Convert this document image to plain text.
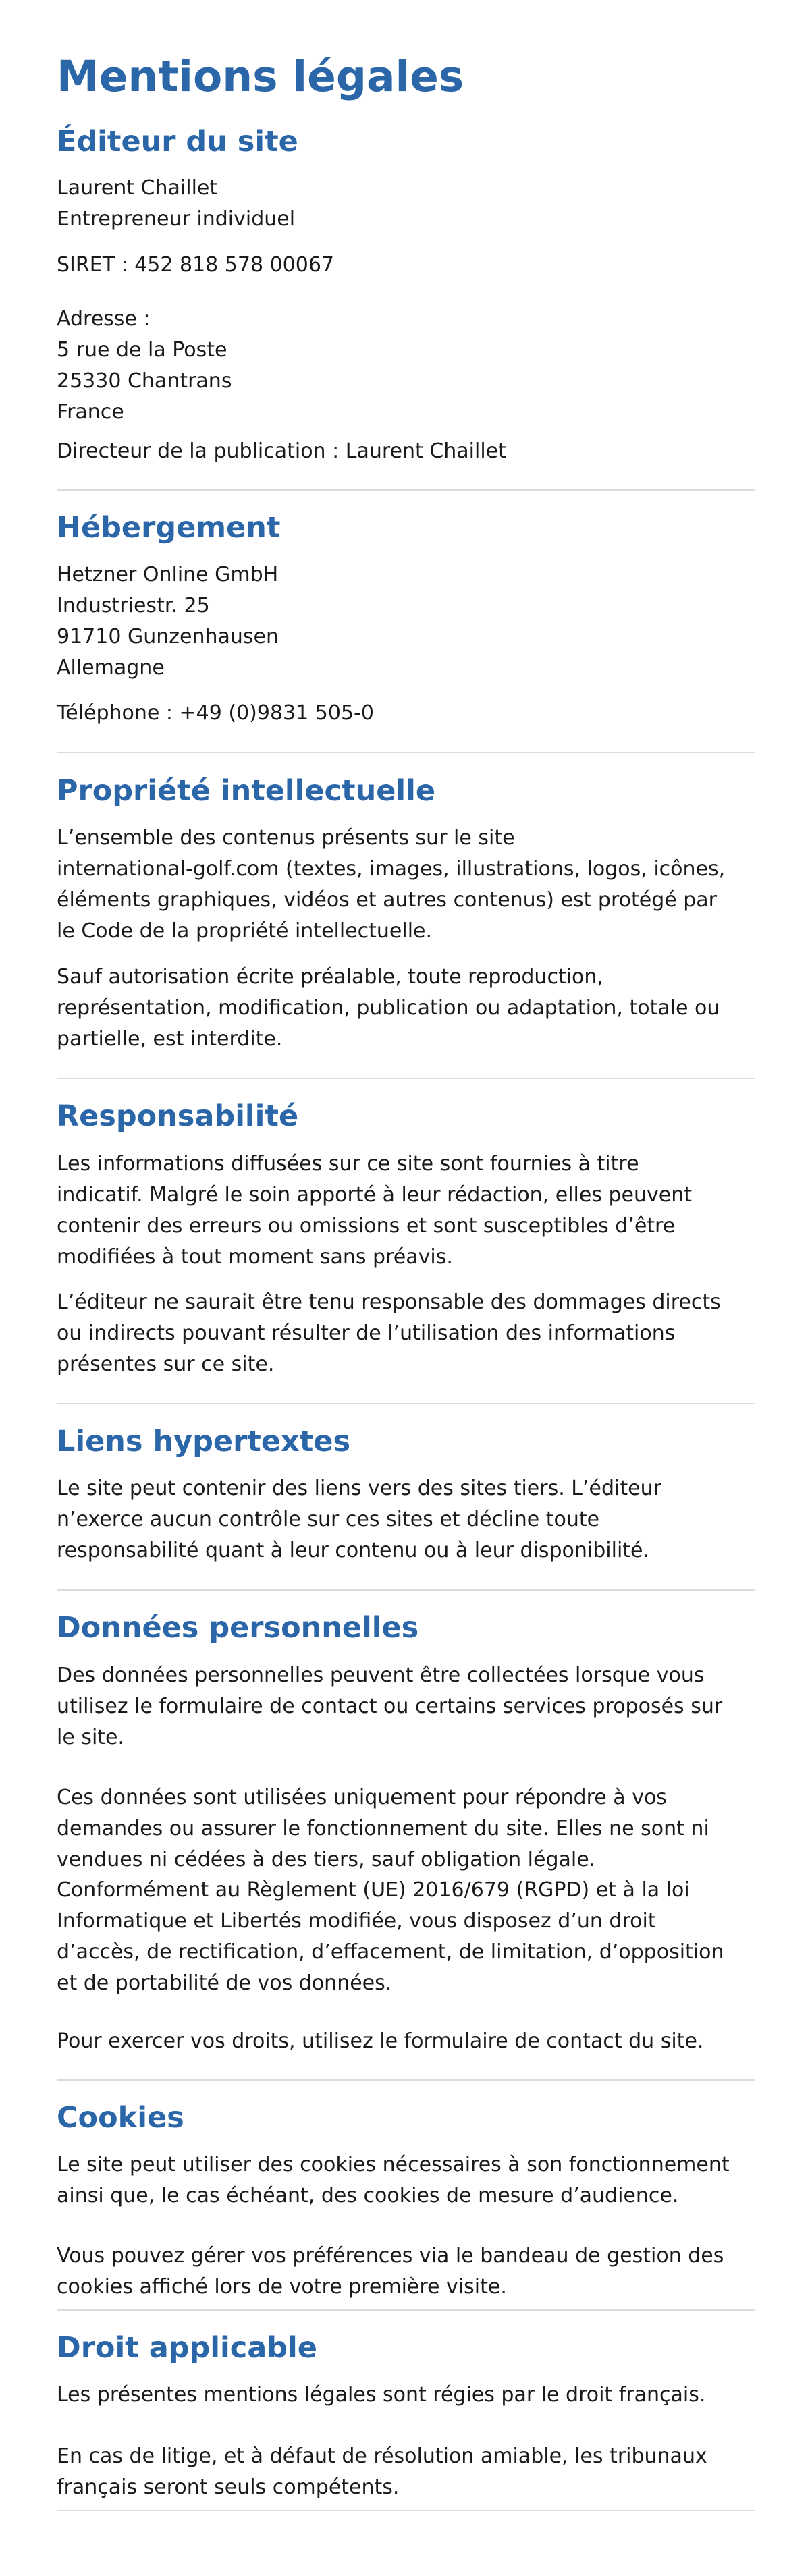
Mentions légales
Éditeur du site
Hébergement
Propriété intellectuelle
Responsabilité
Liens hypertextes
Données personnelles
Cookies
Droit applicable
Laurent Chaillet
Entrepreneur individuel
SIRET : 452 818 578 00067
Adresse :
5 rue de la Poste
25330 Chantrans
France
Directeur de la publication : Laurent Chaillet
Hetzner Online GmbH
Industriestr. 25
91710 Gunzenhausen
Allemagne
Téléphone : +49 (0)9831 505-0
L’ensemble des contenus présents sur le site
international-golf.com (textes, images, illustrations, logos, icônes,
éléments graphiques, vidéos et autres contenus) est protégé par
le Code de la propriété intellectuelle.
Sauf autorisation écrite préalable, toute reproduction,
représentation, modification, publication ou adaptation, totale ou
partielle, est interdite.
Les informations diffusées sur ce site sont fournies à titre
indicatif. Malgré le soin apporté à leur rédaction, elles peuvent
contenir des erreurs ou omissions et sont susceptibles d’être
modifiées à tout moment sans préavis.
L’éditeur ne saurait être tenu responsable des dommages directs
ou indirects pouvant résulter de l’utilisation des informations
présentes sur ce site.
Le site peut contenir des liens vers des sites tiers. L’éditeur
n’exerce aucun contrôle sur ces sites et décline toute
responsabilité quant à leur contenu ou à leur disponibilité.
Des données personnelles peuvent être collectées lorsque vous
utilisez le formulaire de contact ou certains services proposés sur
le site.
Ces données sont utilisées uniquement pour répondre à vos
demandes ou assurer le fonctionnement du site. Elles ne sont ni
vendues ni cédées à des tiers, sauf obligation légale.
Conformément au Règlement (UE) 2016/679 (RGPD) et à la loi
Informatique et Libertés modifiée, vous disposez d’un droit
d’accès, de rectification, d’effacement, de limitation, d’opposition
et de portabilité de vos données.
Pour exercer vos droits, utilisez le formulaire de contact du site.
Le site peut utiliser des cookies nécessaires à son fonctionnement
ainsi que, le cas échéant, des cookies de mesure d’audience.
Vous pouvez gérer vos préférences via le bandeau de gestion des
cookies affiché lors de votre première visite.
Les présentes mentions légales sont régies par le droit français.
En cas de litige, et à défaut de résolution amiable, les tribunaux
français seront seuls compétents.
